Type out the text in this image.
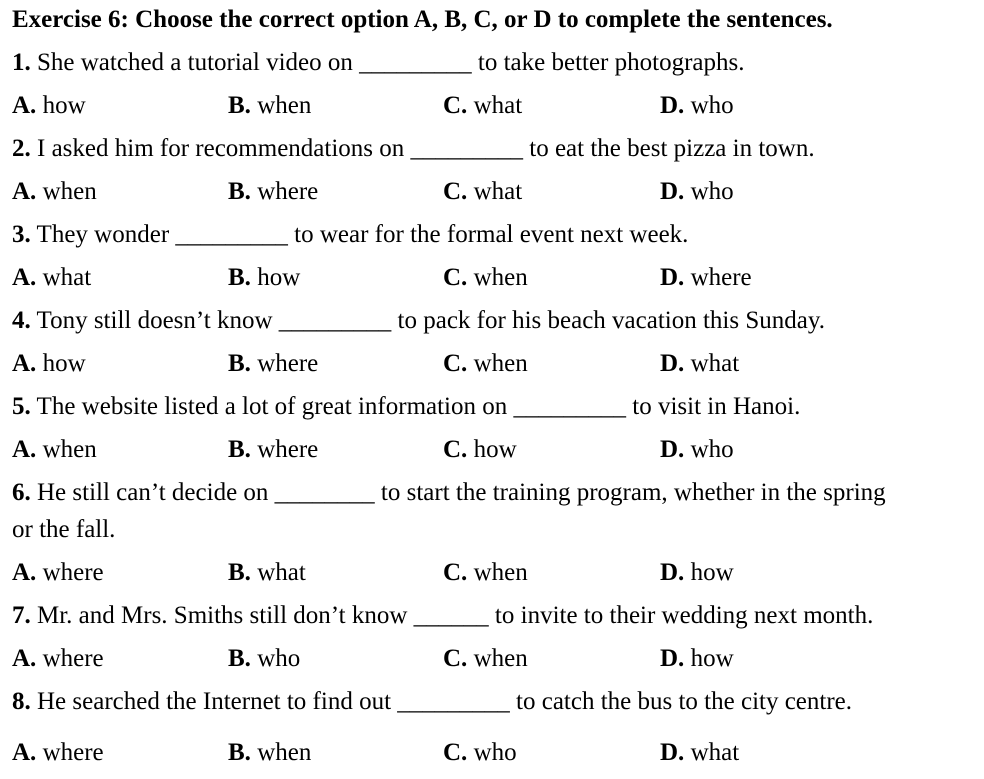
Exercise 6: Choose the correct option A, B, C, or D to complete the sentences.
1. She watched a tutorial video on _________ to take better photographs.
A. how	B. when	C. what	D. who
2. I asked him for recommendations on _________ to eat the best pizza in town.
A. when	B. where	C. what	D. who
3. They wonder _________ to wear for the formal event next week.
A. what	B. how	C. when	D. where
4. Tony still doesn’t know _________ to pack for his beach vacation this Sunday.
A. how	B. where	C. when	D. what
5. The website listed a lot of great information on _________ to visit in Hanoi.
A. when	B. where	C. how	D. who
6. He still can’t decide on ________ to start the training program, whether in the spring
or the fall.
A. where	B. what	C. when	D. how
7. Mr. and Mrs. Smiths still don’t know ______ to invite to their wedding next month.
A. where	B. who	C. when	D. how
8. He searched the Internet to find out _________ to catch the bus to the city centre.
A. where	B. when	C. who	D. what
